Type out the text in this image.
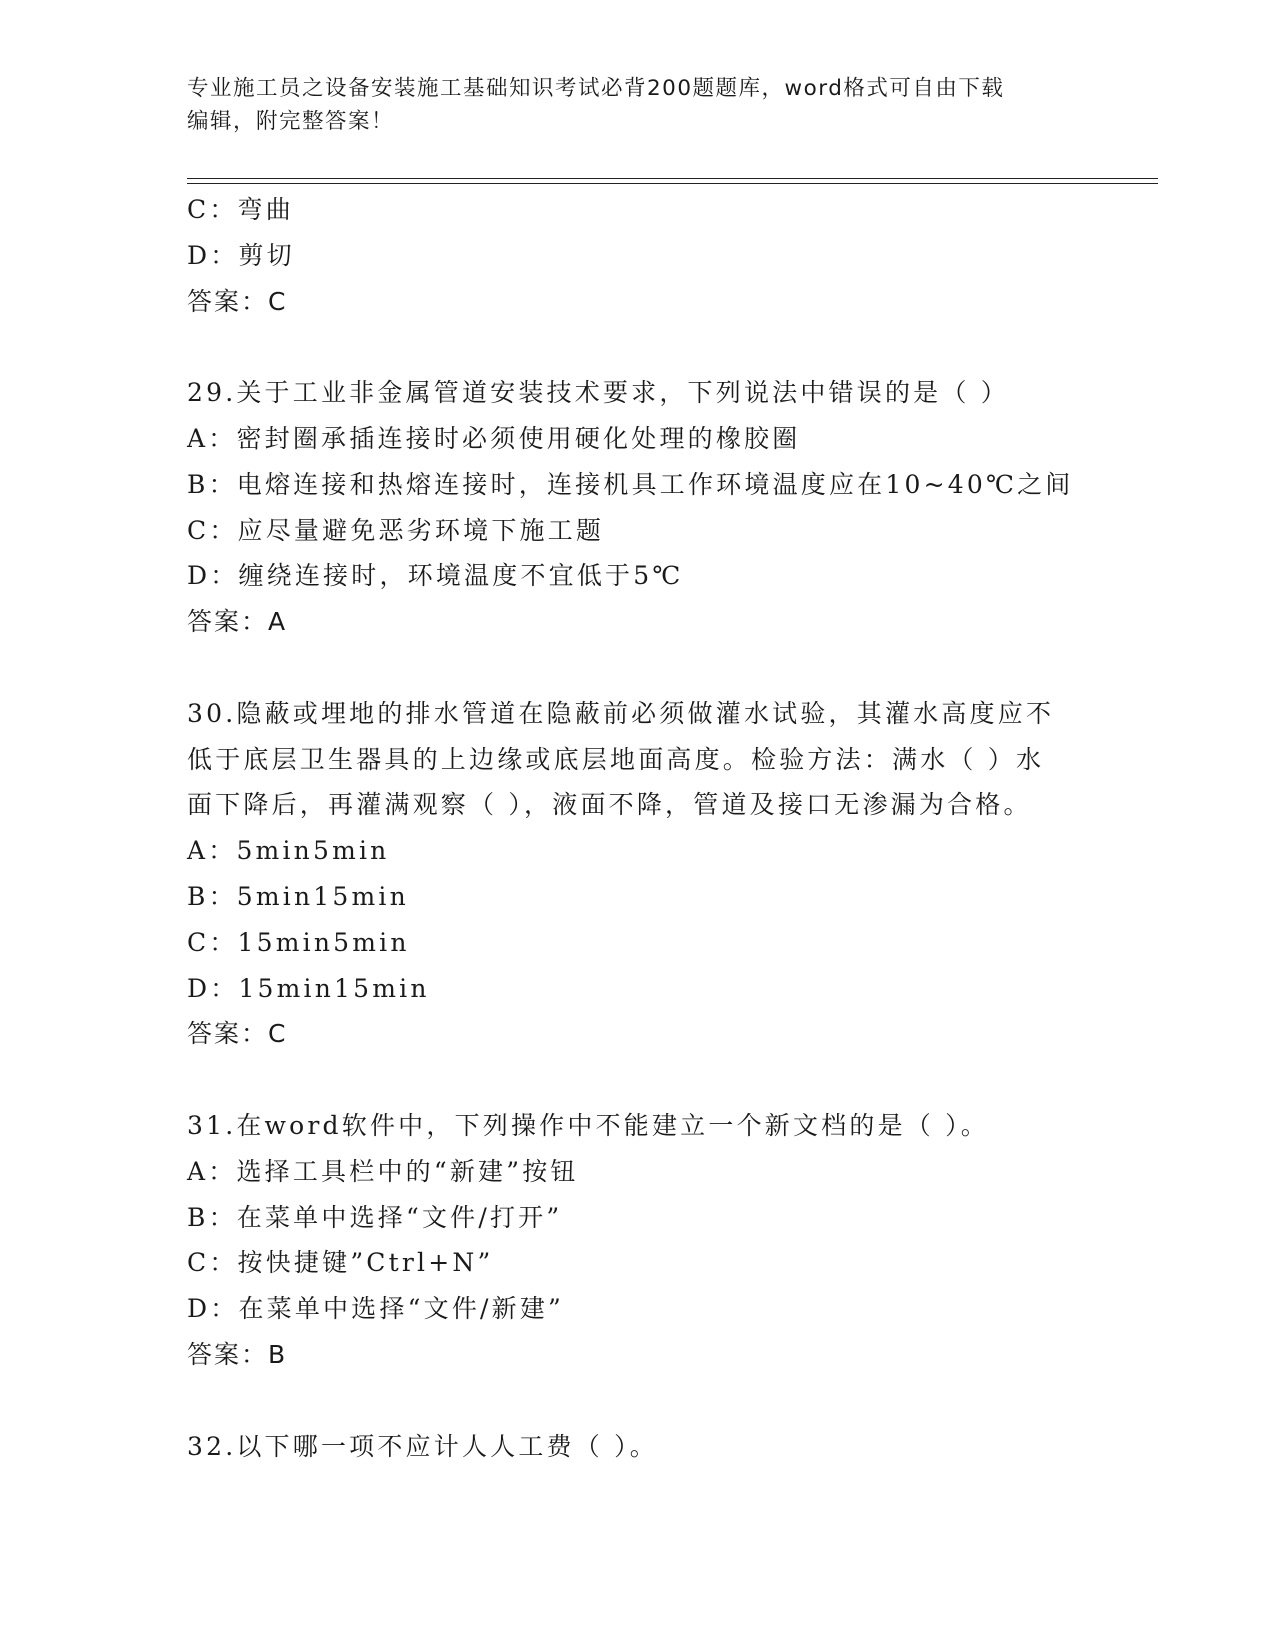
专业施工员之设备安装施工基础知识考试必背200题题库，word格式可自由下载
编辑，附完整答案！
C：弯曲
D：剪切
答案：C
29.关于工业非金属管道安装技术要求，下列说法中错误的是（ ）
A：密封圈承插连接时必须使用硬化处理的橡胶圈
B：电熔连接和热熔连接时，连接机具工作环境温度应在10~40℃之间
C：应尽量避免恶劣环境下施工题
D：缠绕连接时，环境温度不宜低于5℃
答案：A
30.隐蔽或埋地的排水管道在隐蔽前必须做灌水试验，其灌水高度应不
低于底层卫生器具的上边缘或底层地面高度。检验方法：满水（ ）水
面下降后，再灌满观察（ ），液面不降，管道及接口无渗漏为合格。
A：5min5min
B：5min15min
C：15min5min
D：15min15min
答案：C
31.在word软件中，下列操作中不能建立一个新文档的是（ ）。
A：选择工具栏中的“新建”按钮
B：在菜单中选择“文件/打开”
C：按快捷键”Ctrl+N”
D：在菜单中选择“文件/新建”
答案：B
32.以下哪一项不应计人人工费（ ）。
